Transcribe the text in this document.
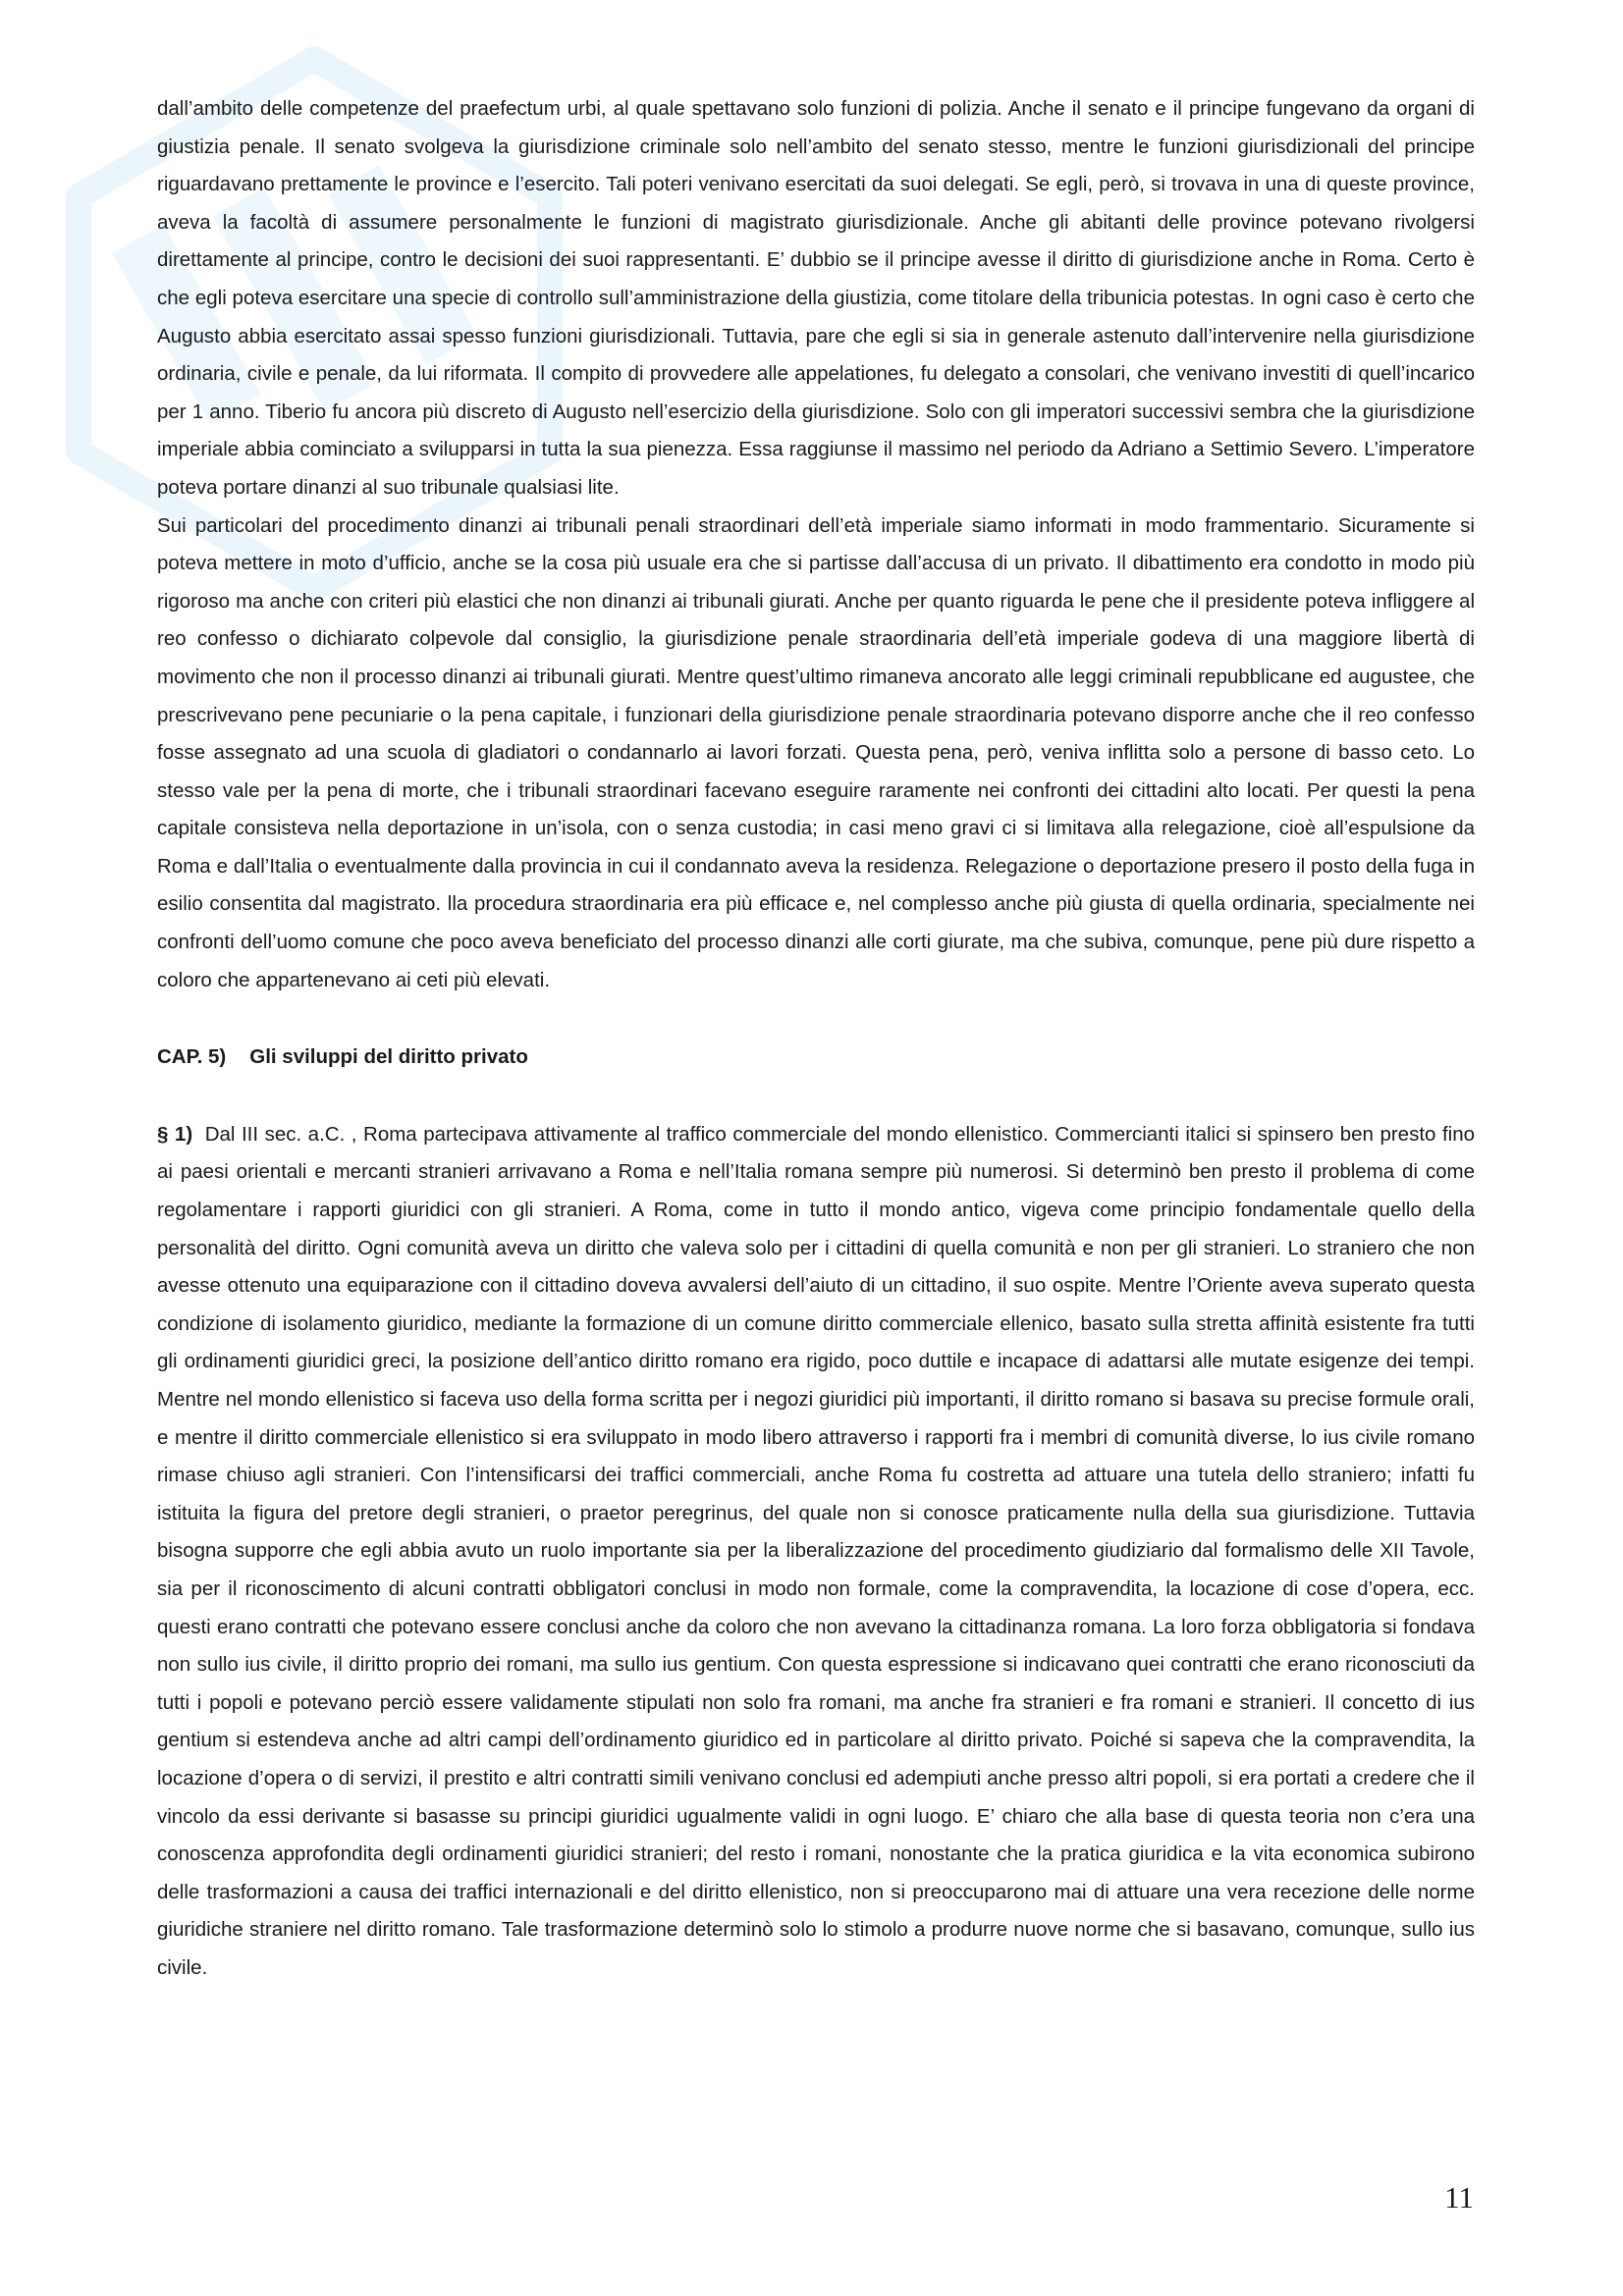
dall’ambito delle competenze del praefectum urbi, al quale spettavano solo funzioni di polizia. Anche il senato e il principe fungevano da organi di giustizia penale. Il senato svolgeva la giurisdizione criminale solo nell’ambito del senato stesso, mentre le funzioni giurisdizionali del principe riguardavano prettamente le province e l’esercito. Tali poteri venivano esercitati da suoi delegati. Se egli, però, si trovava in una di queste province, aveva la facoltà di assumere personalmente le funzioni di magistrato giurisdizionale. Anche gli abitanti delle province potevano rivolgersi direttamente al principe, contro le decisioni dei suoi rappresentanti. E’ dubbio se il principe avesse il diritto di giurisdizione anche in Roma. Certo è che egli poteva esercitare una specie di controllo sull’amministrazione della giustizia, come titolare della tribunicia potestas. In ogni caso è certo che Augusto abbia esercitato assai spesso funzioni giurisdizionali. Tuttavia, pare che egli si sia in generale astenuto dall’intervenire nella giurisdizione ordinaria, civile e penale, da lui riformata. Il compito di provvedere alle appelationes, fu delegato a consolari, che venivano investiti di quell’incarico per 1 anno. Tiberio fu ancora più discreto di Augusto nell’esercizio della giurisdizione. Solo con gli imperatori successivi sembra che la giurisdizione imperiale abbia cominciato a svilupparsi in tutta la sua pienezza. Essa raggiunse il massimo nel periodo da Adriano a Settimio Severo. L’imperatore poteva portare dinanzi al suo tribunale qualsiasi lite.

Sui particolari del procedimento dinanzi ai tribunali penali straordinari dell’età imperiale siamo informati in modo frammentario. Sicuramente si poteva mettere in moto d’ufficio, anche se la cosa più usuale era che si partisse dall’accusa di un privato. Il dibattimento era condotto in modo più rigoroso ma anche con criteri più elastici che non dinanzi ai tribunali giurati. Anche per quanto riguarda le pene che il presidente poteva infliggere al reo confesso o dichiarato colpevole dal consiglio, la giurisdizione penale straordinaria dell’età imperiale godeva di una maggiore libertà di movimento che non il processo dinanzi ai tribunali giurati. Mentre quest’ultimo rimaneva ancorato alle leggi criminali repubblicane ed augustee, che prescrivevano pene pecuniarie o la pena capitale, i funzionari della giurisdizione penale straordinaria potevano disporre anche che il reo confesso fosse assegnato ad una scuola di gladiatori o condannarlo ai lavori forzati. Questa pena, però, veniva inflitta solo a persone di basso ceto. Lo stesso vale per la pena di morte, che i tribunali straordinari facevano eseguire raramente nei confronti dei cittadini alto locati. Per questi la pena capitale consisteva nella deportazione in un’isola, con o senza custodia; in casi meno gravi ci si limitava alla relegazione, cioè all’espulsione da Roma e dall’Italia o eventualmente dalla provincia in cui il condannato aveva la residenza. Relegazione o deportazione presero il posto della fuga in esilio consentita dal magistrato. lla procedura straordinaria era più efficace e, nel complesso anche più giusta di quella ordinaria, specialmente nei confronti dell’uomo comune che poco aveva beneficiato del processo dinanzi alle corti giurate, ma che subiva, comunque, pene più dure rispetto a coloro che appartenevano ai ceti più elevati.

CAP. 5) Gli sviluppi del diritto privato

§ 1) Dal III sec. a.C. , Roma partecipava attivamente al traffico commerciale del mondo ellenistico. Commercianti italici si spinsero ben presto fino ai paesi orientali e mercanti stranieri arrivavano a Roma e nell’Italia romana sempre più numerosi. Si determinò ben presto il problema di come regolamentare i rapporti giuridici con gli stranieri. A Roma, come in tutto il mondo antico, vigeva come principio fondamentale quello della personalità del diritto. Ogni comunità aveva un diritto che valeva solo per i cittadini di quella comunità e non per gli stranieri. Lo straniero che non avesse ottenuto una equiparazione con il cittadino doveva avvalersi dell’aiuto di un cittadino, il suo ospite. Mentre l’Oriente aveva superato questa condizione di isolamento giuridico, mediante la formazione di un comune diritto commerciale ellenico, basato sulla stretta affinità esistente fra tutti gli ordinamenti giuridici greci, la posizione dell’antico diritto romano era rigido, poco duttile e incapace di adattarsi alle mutate esigenze dei tempi. Mentre nel mondo ellenistico si faceva uso della forma scritta per i negozi giuridici più importanti, il diritto romano si basava su precise formule orali, e mentre il diritto commerciale ellenistico si era sviluppato in modo libero attraverso i rapporti fra i membri di comunità diverse, lo ius civile romano rimase chiuso agli stranieri. Con l’intensificarsi dei traffici commerciali, anche Roma fu costretta ad attuare una tutela dello straniero; infatti fu istituita la figura del pretore degli stranieri, o praetor peregrinus, del quale non si conosce praticamente nulla della sua giurisdizione. Tuttavia bisogna supporre che egli abbia avuto un ruolo importante sia per la liberalizzazione del procedimento giudiziario dal formalismo delle XII Tavole, sia per il riconoscimento di alcuni contratti obbligatori conclusi in modo non formale, come la compravendita, la locazione di cose d’opera, ecc. questi erano contratti che potevano essere conclusi anche da coloro che non avevano la cittadinanza romana. La loro forza obbligatoria si fondava non sullo ius civile, il diritto proprio dei romani, ma sullo ius gentium. Con questa espressione si indicavano quei contratti che erano riconosciuti da tutti i popoli e potevano perciò essere validamente stipulati non solo fra romani, ma anche fra stranieri e fra romani e stranieri. Il concetto di ius gentium si estendeva anche ad altri campi dell’ordinamento giuridico ed in particolare al diritto privato. Poiché si sapeva che la compravendita, la locazione d’opera o di servizi, il prestito e altri contratti simili venivano conclusi ed adempiuti anche presso altri popoli, si era portati a credere che il vincolo da essi derivante si basasse su principi giuridici ugualmente validi in ogni luogo. E’ chiaro che alla base di questa teoria non c’era una conoscenza approfondita degli ordinamenti giuridici stranieri; del resto i romani, nonostante che la pratica giuridica e la vita economica subirono delle trasformazioni a causa dei traffici internazionali e del diritto ellenistico, non si preoccuparono mai di attuare una vera recezione delle norme giuridiche straniere nel diritto romano. Tale trasformazione determinò solo lo stimolo a produrre nuove norme che si basavano, comunque, sullo ius civile.

11
